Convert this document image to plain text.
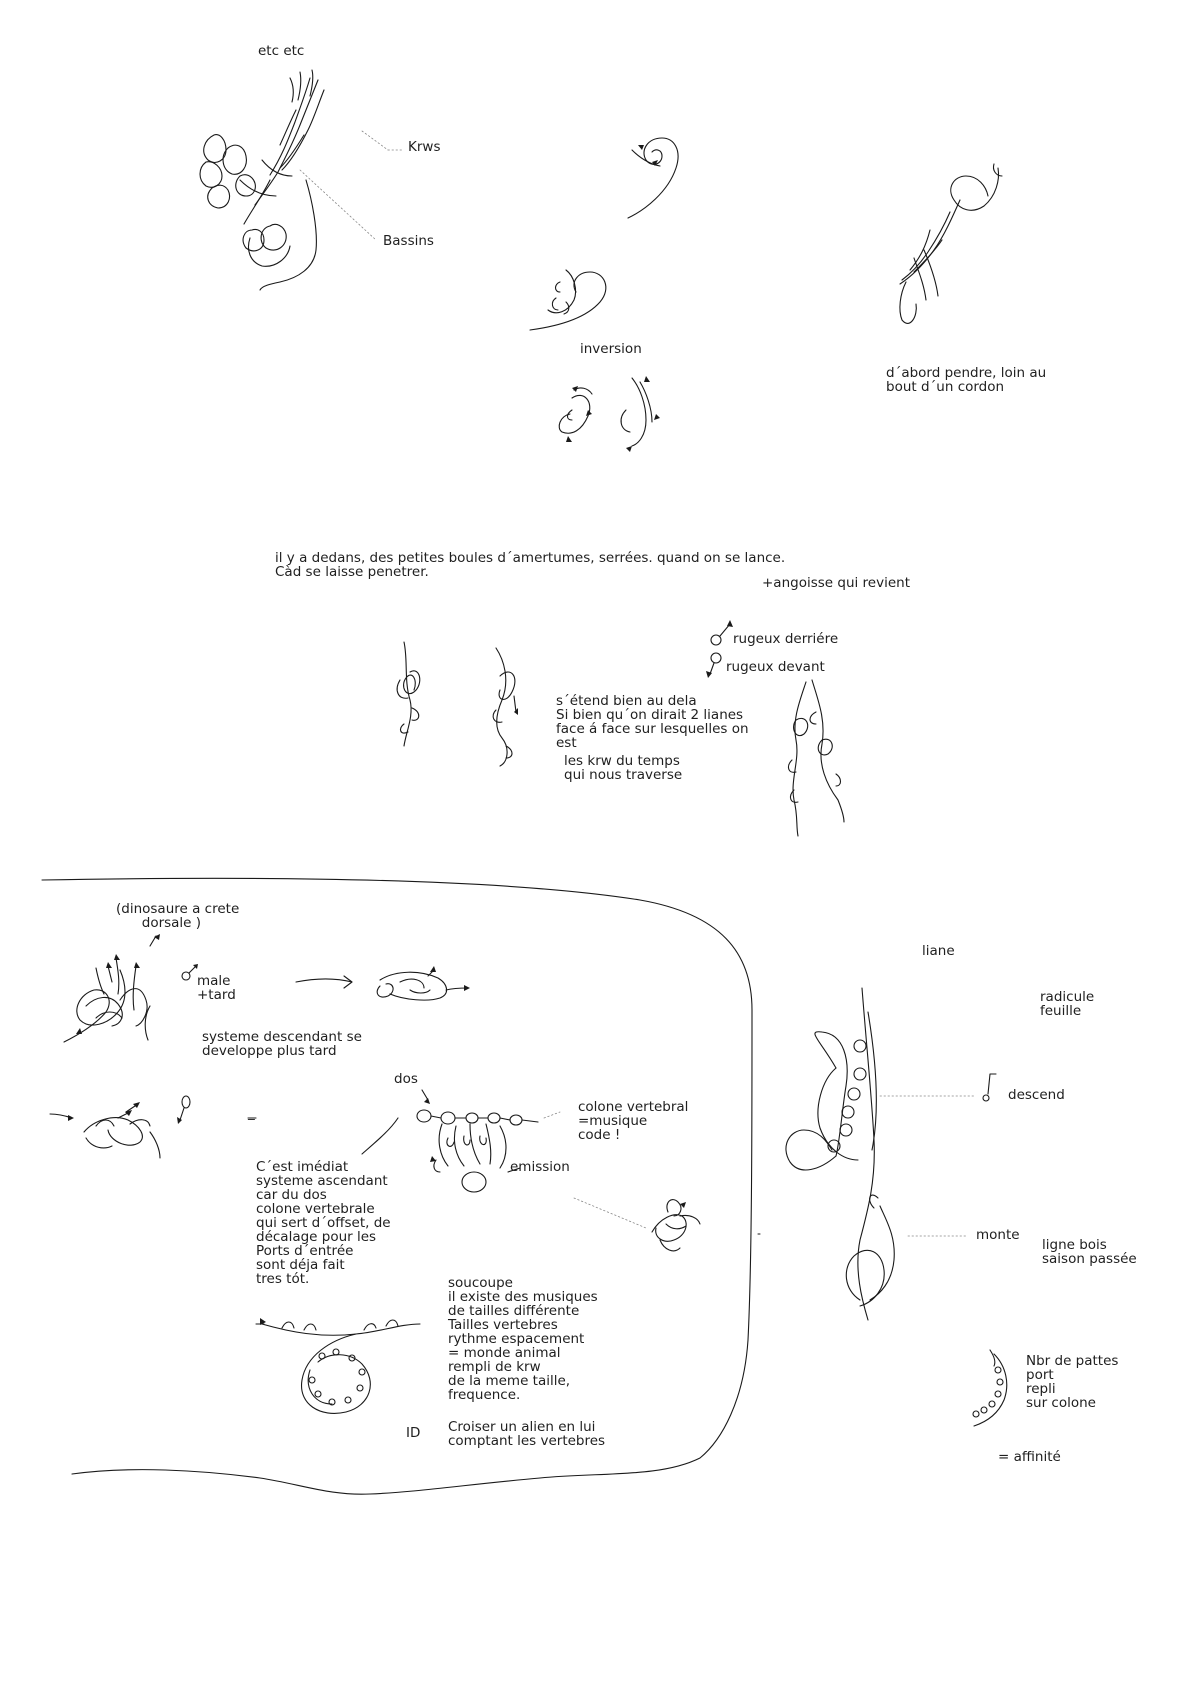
etc etc
Krws
Bassins
inversion
d´abord pendre, loin au
bout d´un cordon
il y a dedans, des petites boules d´amertumes, serrées. quand on se lance.
Càd se laisse penetrer.
+angoisse qui revient
rugeux derriére
rugeux devant
s´étend bien au dela
Si bien qu´on dirait 2 lianes
face á face sur lesquelles on
est
les krw du temps
qui nous traverse
(dinosaure a crete
dorsale )
male
+tard
systeme descendant se
developpe plus tard
dos
colone vertebral
=musique
code !
emission
_
C´est imédiat
systeme ascendant
car du dos
colone vertebrale
qui sert d´offset, de
décalage pour les
Ports d´entrée
sont déja fait
tres tót.	soucoupe
il existe des musiques
de tailles différente
Tailles vertebres
rythme espacement
= monde animal
rempli de krw
de la meme taille,
frequence.
ID Croiser un alien en lui
comptant les vertebres
liane
radicule
feuille
descend
monte
ligne bois
saison passée
Nbr de pattes
port
repli
sur colone
= affinité
